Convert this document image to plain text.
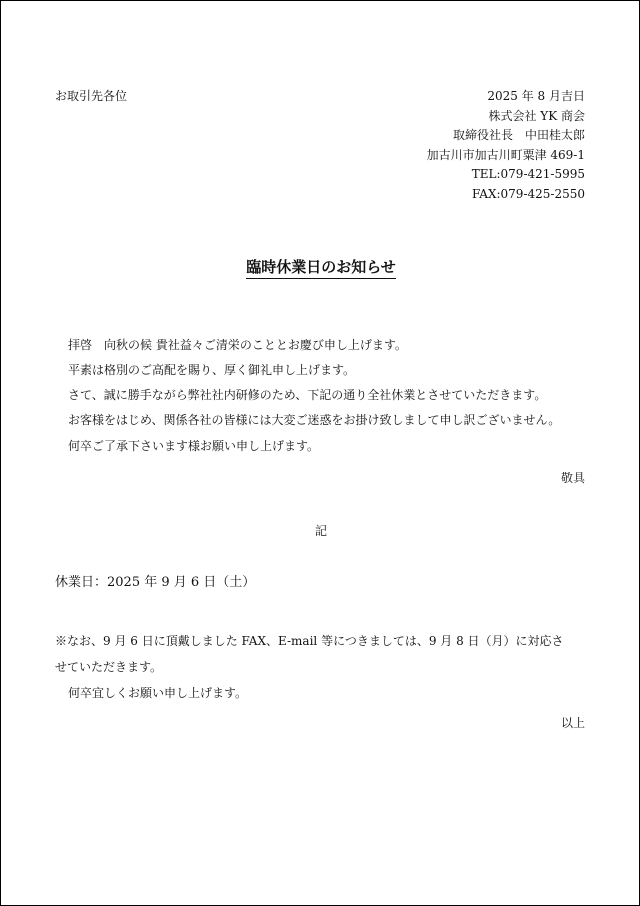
お取引先各位	2025 年 8 月吉日
株式会社 YK 商会
取締役社長　中田桂太郎
加古川市加古川町粟津 469-1
TEL:079-421-5995
FAX:079-425-2550
臨時休業日のお知らせ
拝啓　向秋の候 貴社益々ご清栄のこととお慶び申し上げます。
平素は格別のご高配を賜り、厚く御礼申し上げます。
さて、誠に勝手ながら弊社社内研修のため、下記の通り全社休業とさせていただきます。
お客様をはじめ、関係各社の皆様には大変ご迷惑をお掛け致しまして申し訳ございません。
何卒ご了承下さいます様お願い申し上げます。
敬具
記
休業日：2025 年 9 月 6 日（土）
※なお、9 月 6 日に頂戴しました FAX、E-mail 等につきましては、9 月 8 日（月）に対応さ
せていただきます。
何卒宜しくお願い申し上げます。
以上
